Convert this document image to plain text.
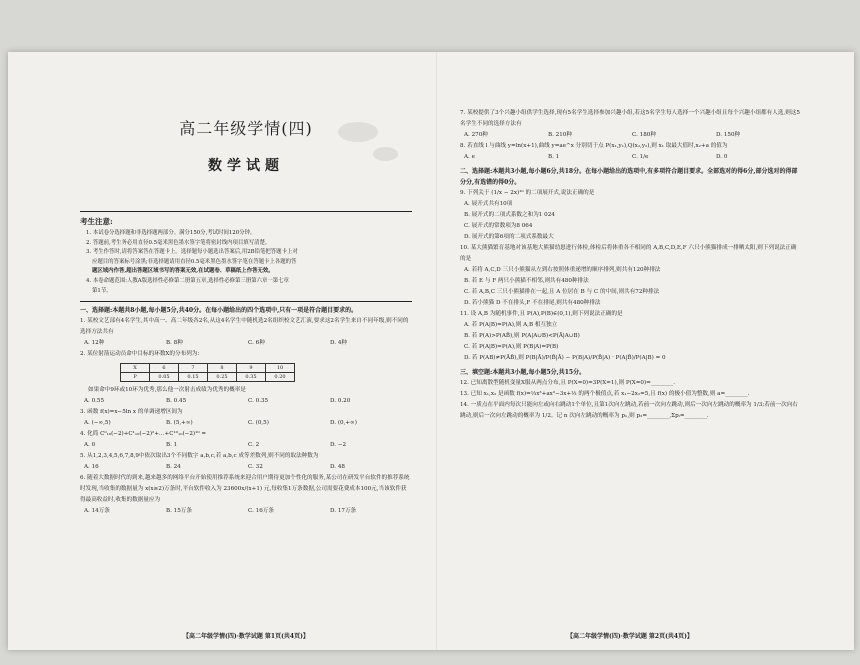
高二年级学情(四)
数学试题
考生注意:
1. 本试卷分选择题和非选择题两部分。满分150分,考试时间120分钟。
2. 答题前,考生务必用直径0.5毫米黑色墨水签字笔将密封线内项目填写清楚。
3. 考生作答时,请将答案答在答题卡上。选择题每小题选出答案后,用2B铅笔把答题卡上对
应题目的答案标号涂黑;非选择题请用直径0.5毫米黑色墨水签字笔在答题卡上各题的答
题区域内作答,超出答题区域书写的答案无效,在试题卷、草稿纸上作答无效。
4. 本卷命题范围:人教A版选择性必修第二册第五章,选择性必修第三册第六章一第七章
第1节。
一、选择题:本题共8小题,每小题5分,共40分。在每小题给出的四个选项中,只有一项是符合题目要求的。
1. 某校文艺部有4名学生,其中高一、高二年级各2名,从这4名学生中随机选2名组织校文艺汇演,要求这2名学生来自不同年级,则不同的选择方法共有
A. 12种	B. 8种	C. 6种	D. 4种
2. 某位射箭运动员命中目标的环数X的分布列为:
X	6	7	8	9	10
P	0.05	0.15	0.25	0.35	0.20
如果命中9环或10环为优秀,那么他一次射击成绩为优秀的概率是
A. 0.55	B. 0.45	C. 0.35	D. 0.20
3. 函数 f(x)=x−5ln x 的单调递增区间为
A. (−∞,5)	B. (5,+∞)	C. (0,5)	D. (0,+∞)
4. 化简 C⁰₁₀(−2)+C¹₁₀(−2)²+…+C¹⁰₁₀(−2)¹⁰ =
A. 0	B. 1	C. 2	D. −2
5. 从1,2,3,4,5,6,7,8,9中依次取出3个不同数字 a,b,c,若 a,b,c 成等差数列,则不同的取法种数为
A. 16	B. 24	C. 32	D. 48
6. 随着大数据时代的到来,越来越多的网络平台开始使用推荐系统来迎合用户期待更加个性化的服务,某公司在研发平台软件的推荐系统时发现,当收集的数据量为 x(x≥2)万条时,平台软件收入为 23600x/(x+1) 元,每收集1万条数据,公司需要花费成本100元,当该软件获得最高收益时,收集的数据量应为
A. 14万条	B. 15万条	C. 16万条	D. 17万条
【高二年级学情(四)·数学试题 第1页(共4页)】
7. 某校提供了3个兴趣小组供学生选择,现有5名学生选择参加兴趣小组,若这5名学生每人选择一个兴趣小组且每个兴趣小组都有人选,则这5名学生不同的选择方法有
A. 270种	B. 210种	C. 180种	D. 150种
8. 若直线 l 与曲线 y=ln(x+1),曲线 y=ae^x 分别切于点 P(x₁,y₁),Q(x₂,y₂),则 x₁ 取最大值时,x₂+a 的值为
A. e	B. 1	C. 1/e	D. 0
二、选择题:本题共3小题,每小题6分,共18分。在每小题给出的选项中,有多项符合题目要求。全部选对的得6分,部分选对的得部分分,有选错的得0分。
9. 下列关于 (1/x − 2x)¹⁰ 的二项展开式,说法正确的是
A. 展开式共有10项
B. 展开式的二项式系数之和为1 024
C. 展开式的常数项为8 064
D. 展开式的第6项的二项式系数最大
10. 某大熊猫繁育基地对该基地大熊猫幼崽进行体检,体检后将体重各不相同的 A,B,C,D,E,F 六只小熊猫排成一排晒太阳,则下列说法正确的是
A. 若将 A,C,D 三只小熊猫从左到右按照体重递增的顺序排列,则共有120种排法
B. 若 E 与 F 两只小熊猫不相邻,则共有480种排法
C. 若 A,B,C 三只小熊猫排在一起,且 A 位居在 B 与 C 的中间,则共有72种排法
D. 若小熊猫 D 不在排头,F 不在排尾,则共有480种排法
11. 设 A,B 为随机事件,且 P(A),P(B)∈(0,1),则下列说法正确的是
A. 若 P(A|B)=P(A),则 A,B 相互独立
B. 若 P(A)>P(AB̄),则 P(A|A∪B)<P(Ā|A∪B)
C. 若 P(A|B)=P(A),则 P(B|A)=P(B)
D. 若 P(AB)≠P(ĀB̄),则 P(B|Ā)/P(B̄|Ā) − P(B|A)/P(B̄|A) · P(A|B̄)/P(A|B) = 0
三、填空题:本题共3小题,每小题5分,共15分。
12. 已知离散型随机变量X服从两点分布,且 P(X=0)=3P(X=1),则 P(X=0)=________.
13. 已知 x₁,x₂ 是函数 f(x)=⅓x³+ax²−3x+⅓ 的两个极值点,若 x₁−2x₂=5,且 f(x) 的极小值为整数,则 a=________.
14. 一质点在平面内每次只能向左或向右跳动1个单位,且第1次向左跳动,若前一次向左跳动,则后一次向左跳动的概率为 1/3;若前一次向右跳动,则后一次向左跳动的概率为 1/2。记 n 次向左跳动的概率为 pₙ,则 p₃=________,Σpᵢ=________.
【高二年级学情(四)·数学试题 第2页(共4页)】
